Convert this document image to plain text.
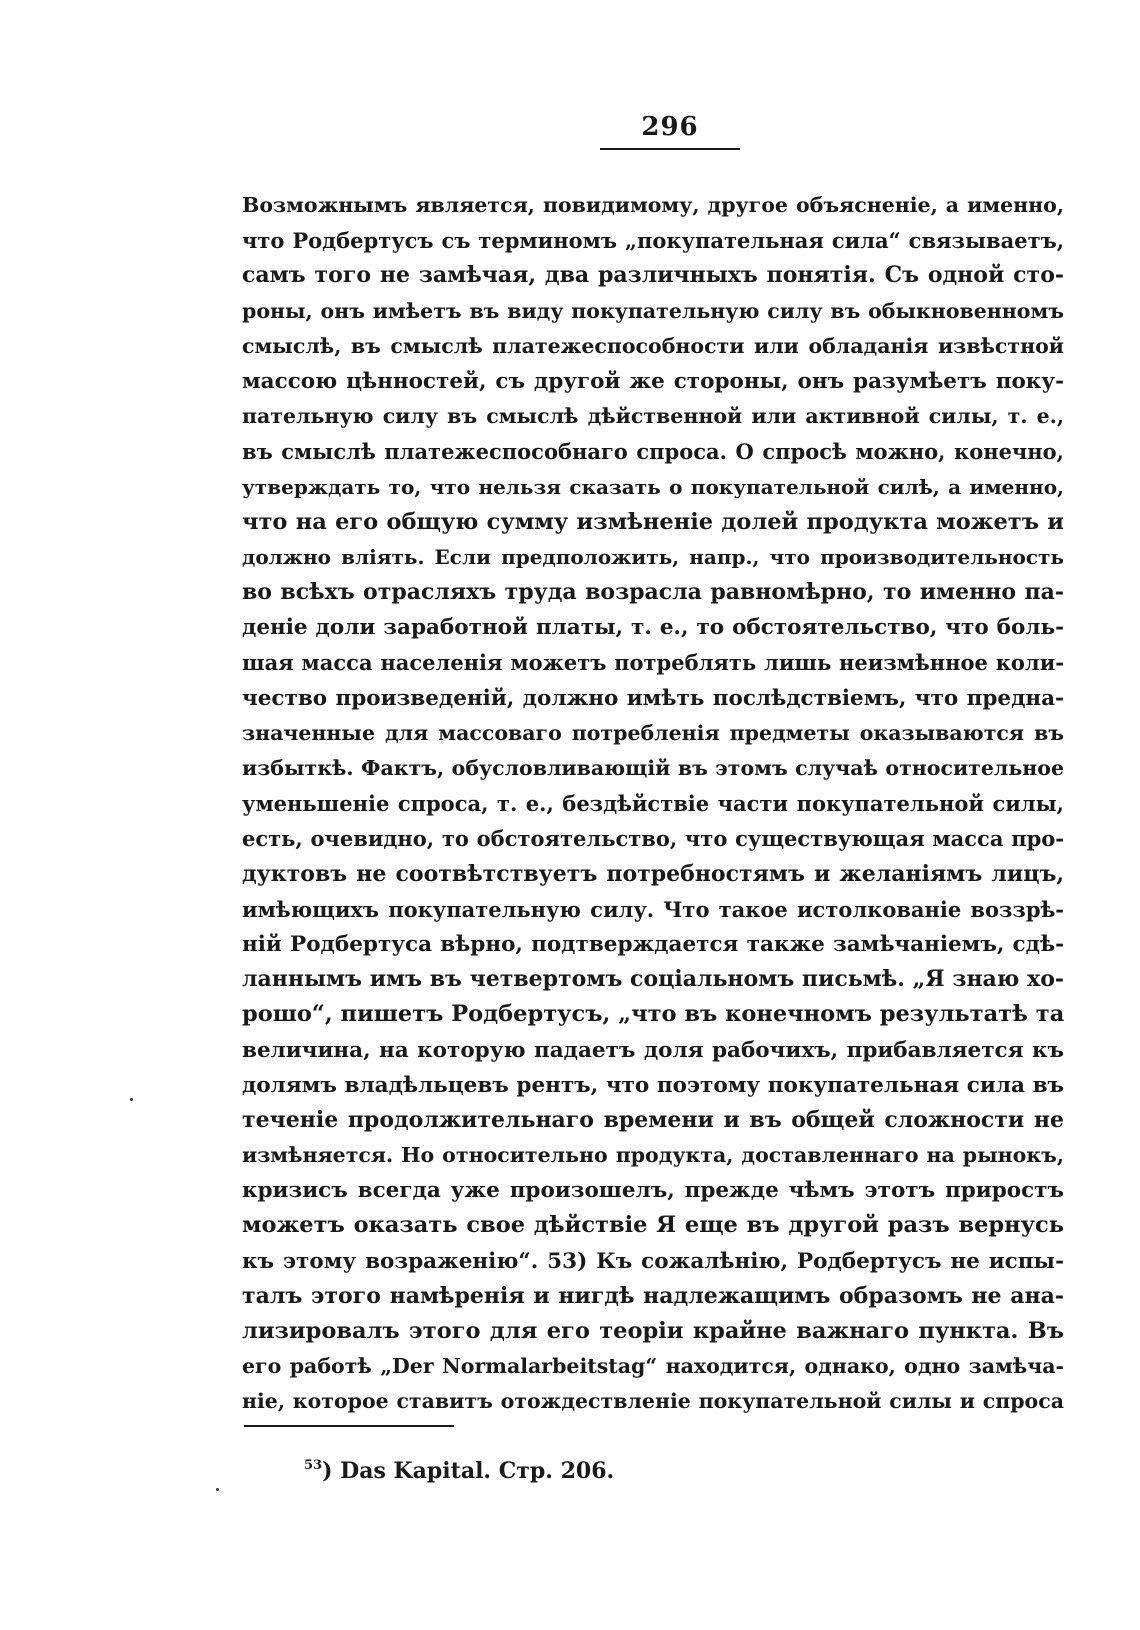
296
Возможнымъ является, повидимому, другое объясненіе, а именно,
что Родбертусъ съ терминомъ „покупательная сила“ связываетъ,
самъ того не замѣчая, два различныхъ понятія. Съ одной сто-
роны, онъ имѣетъ въ виду покупательную силу въ обыкновенномъ
смыслѣ, въ смыслѣ платежеспособности или обладанія извѣстной
массою цѣнностей, съ другой же стороны, онъ разумѣетъ поку-
пательную силу въ смыслѣ дѣйственной или активной силы, т. е.,
въ смыслѣ платежеспособнаго спроса. О спросѣ можно, конечно,
утверждать то, что нельзя сказать о покупательной силѣ, а именно,
что на его общую сумму измѣненіе долей продукта можетъ и
должно вліять. Если предположить, напр., что производительность
во всѣхъ отрасляхъ труда возрасла равномѣрно, то именно па-
деніе доли заработной платы, т. е., то обстоятельство, что боль-
шая масса населенія можетъ потреблять лишь неизмѣнное коли-
чество произведеній, должно имѣть послѣдствіемъ, что предна-
значенные для массоваго потребленія предметы оказываются въ
избыткѣ. Фактъ, обусловливающій въ этомъ случаѣ относительное
уменьшеніе спроса, т. е., бездѣйствіе части покупательной силы,
есть, очевидно, то обстоятельство, что существующая масса про-
дуктовъ не соотвѣтствуетъ потребностямъ и желаніямъ лицъ,
имѣющихъ покупательную силу. Что такое истолкованіе воззрѣ-
ній Родбертуса вѣрно, подтверждается также замѣчаніемъ, сдѣ-
ланнымъ имъ въ четвертомъ соціальномъ письмѣ. „Я знаю хо-
рошо“, пишетъ Родбертусъ, „что въ конечномъ результатѣ та
величина, на которую падаетъ доля рабочихъ, прибавляется къ
долямъ владѣльцевъ рентъ, что поэтому покупательная сила въ
теченіе продолжительнаго времени и въ общей сложности не
измѣняется. Но относительно продукта, доставленнаго на рынокъ,
кризисъ всегда уже произошелъ, прежде чѣмъ этотъ приростъ
можетъ оказать свое дѣйствіе Я еще въ другой разъ вернусь
къ этому возраженію“. 53) Къ сожалѣнію, Родбертусъ не испы-
талъ этого намѣренія и нигдѣ надлежащимъ образомъ не ана-
лизировалъ этого для его теоріи крайне важнаго пункта. Въ
его работѣ „Der Normalarbeitstag“ находится, однако, одно замѣча-
ніе, которое ставитъ отождествленіе покупательной силы и спроса
$^{53}$) Das Kapital. Стр. 206.
